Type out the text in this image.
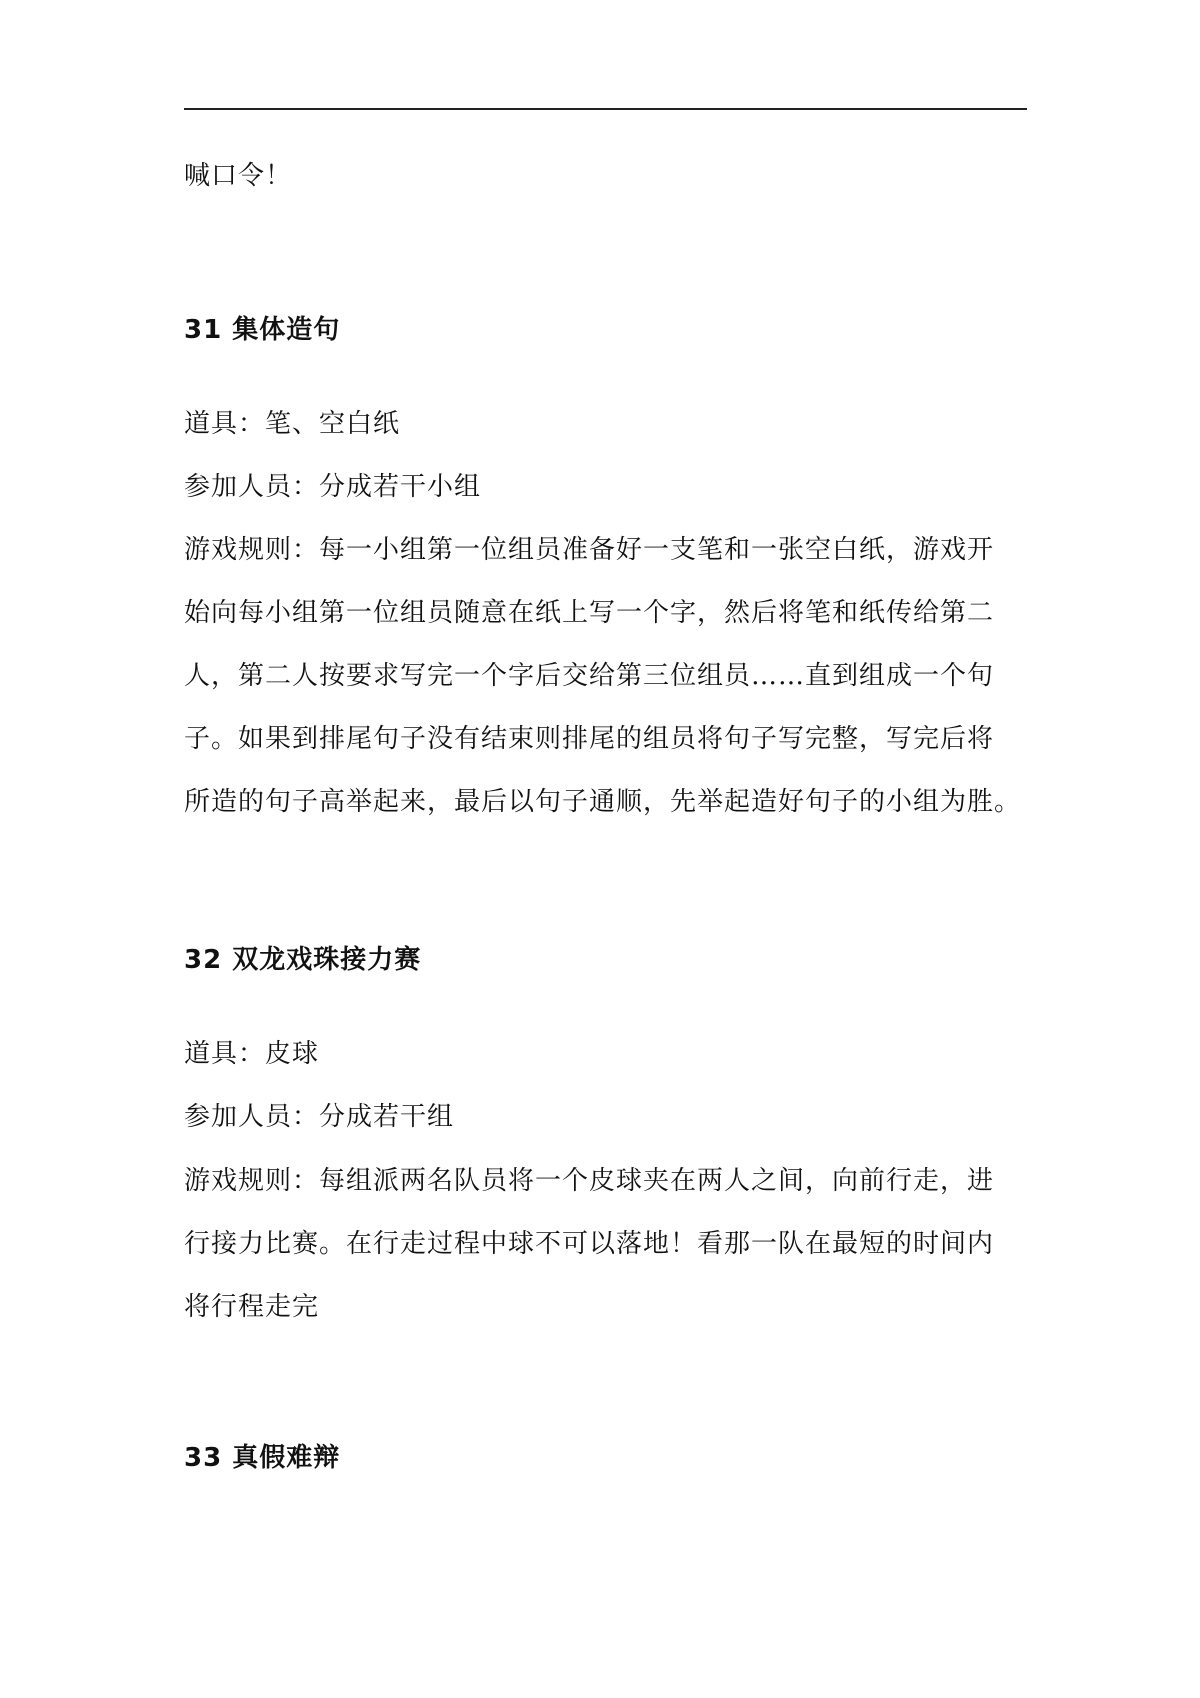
喊口令！
31 集体造句
道具：笔、空白纸
参加人员：分成若干小组
游戏规则：每一小组第一位组员准备好一支笔和一张空白纸，游戏开
始向每小组第一位组员随意在纸上写一个字，然后将笔和纸传给第二
人，第二人按要求写完一个字后交给第三位组员……直到组成一个句
子。如果到排尾句子没有结束则排尾的组员将句子写完整，写完后将
所造的句子高举起来，最后以句子通顺，先举起造好句子的小组为胜。
32 双龙戏珠接力赛
道具：皮球
参加人员：分成若干组
游戏规则：每组派两名队员将一个皮球夹在两人之间，向前行走，进
行接力比赛。在行走过程中球不可以落地！看那一队在最短的时间内
将行程走完
33 真假难辩
